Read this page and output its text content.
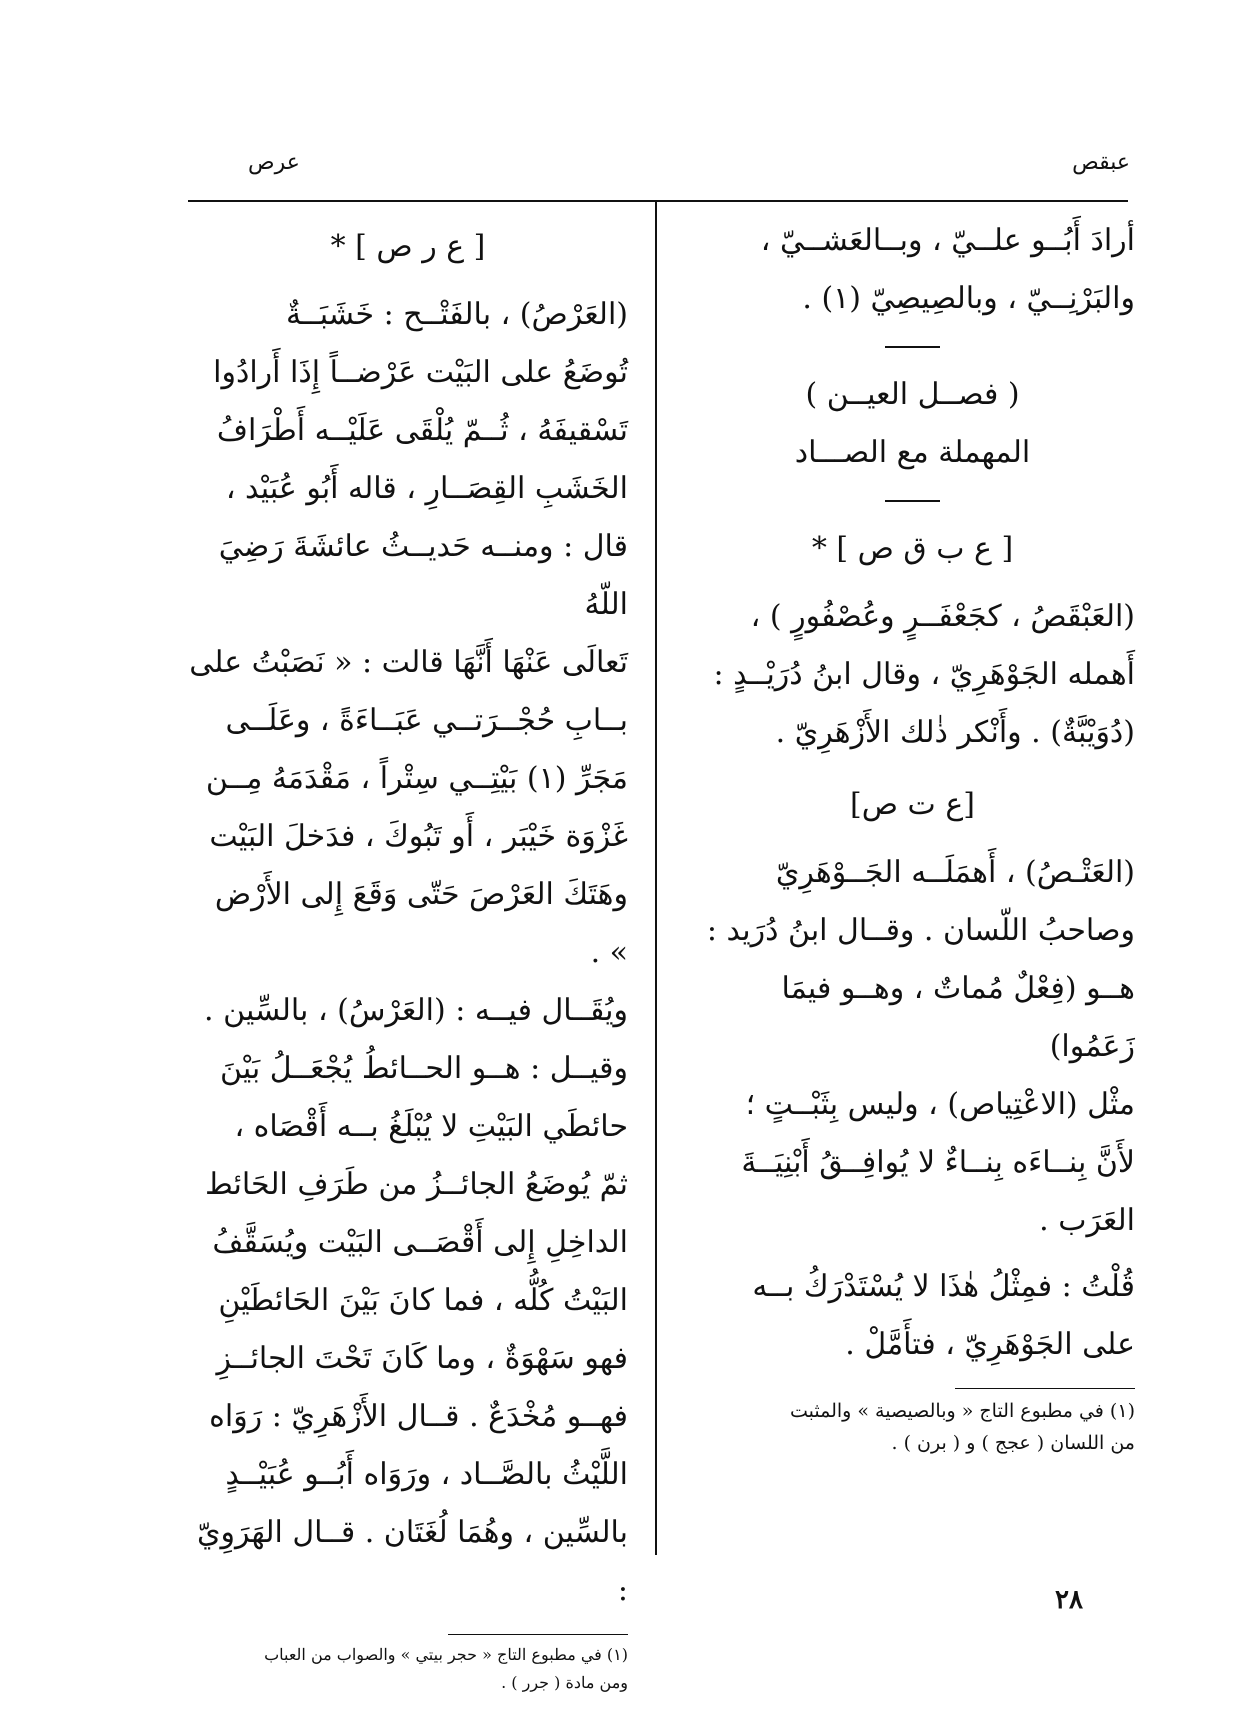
عبقص
عرص

أرادَ أَبُــو علــيّ ، وبــالعَشــيّ ،

والبَرْنِــيّ ، وبالصِيصِيّ (١) .

( فصــل العيــن )

المهملة مع الصـــاد

[ ع ب ق ص ] *

(العَبْقَصُ ، كجَعْفَــرٍ وعُصْفُورٍ ) ،

أَهمله الجَوْهَرِيّ ، وقال ابنُ دُرَيْــدٍ :

(دُوَيْبَّةٌ) . وأَنْكر ذٰلك الأَزْهَرِيّ .

[ع ت ص]

(العَتْـصُ) ، أَهمَلَــه الجَــوْهَرِيّ

وصاحبُ اللّسان . وقــال ابنُ دُرَيد :

هــو (فِعْلٌ مُماتٌ ، وهــو فيمَا زَعَمُوا)

مثْل (الاعْتِياص) ، وليس بِثَبْــتٍ ؛

لأَنَّ بِنــاءَه بِنــاءٌ لا يُوافِــقُ أَبْنِيَــةَ

العَرَب .

قُلْتُ : فمِثْلُ هٰذَا لا يُسْتَدْرَكُ بــه

على الجَوْهَرِيّ ، فتأَمَّلْ .

(١) في مطبوع التاج « وبالصيصية » والمثبت

من اللسان ( عجج ) و ( برن ) .

[ ع ر ص ] *

(العَرْصُ) ، بالفَتْــح : خَشَبَــةٌ

تُوضَعُ على البَيْت عَرْضــاً إِذَا أَرادُوا

تَسْقيفَهُ ، ثُــمّ يُلْقَى عَلَيْــه أَطْرَافُ

الخَشَبِ القِصَــارِ ، قاله أَبُو عُبَيْد ،

قال : ومنــه حَديــثُ عائشَةَ رَضِيَ اللّهُ

تَعالَى عَنْهَا أَنَّهَا قالت : « نَصَبْتُ على

بــابِ حُجْــرَتــي عَبَــاءَةً ، وعَلَــى

مَجَرِّ (١) بَيْتِــي سِتْراً ، مَقْدَمَهُ مِــن

غَزْوَة خَيْبَر ، أَو تَبُوكَ ، فدَخلَ البَيْت

وهَتَكَ العَرْصَ حَتّى وَقَعَ إِلى الأَرْض » .

ويُقَــال فيــه : (العَرْسُ) ، بالسِّين .

وقيــل : هــو الحــائطُ يُجْعَــلُ بَيْنَ

حائطَي البَيْتِ لا يُبْلَغُ بــه أَقْصَاه ،

ثمّ يُوضَعُ الجائــزُ من طَرَفِ الحَائط

الداخِلِ إِلى أَقْصَــى البَيْت ويُسَقَّفُ

البَيْتُ كُلُّه ، فما كانَ بَيْنَ الحَائطَيْنِ

فهو سَهْوَةٌ ، وما كَانَ تَحْتَ الجائــزِ

فهــو مُخْدَعٌ . قــال الأَزْهَرِيّ : رَوَاه

اللَّيْثُ بالصَّــاد ، ورَوَاه أَبُــو عُبَيْــدٍ

بالسِّين ، وهُمَا لُغَتَان . قــال الهَرَوِيّ :

(١) في مطبوع التاج « حجر بيتي » والصواب من العباب

ومن مادة ( جرر ) .

٢٨
